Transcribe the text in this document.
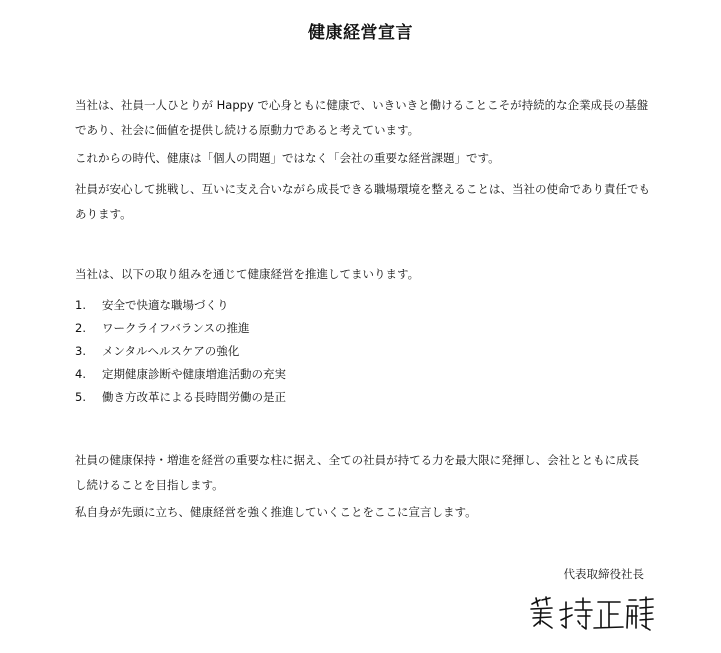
健康経営宣言

当社は、社員一人ひとりが Happy で心身ともに健康で、いきいきと働けることこそが持続的な企業成長の基盤であり、社会に価値を提供し続ける原動力であると考えています。

これからの時代、健康は「個人の問題」ではなく「会社の重要な経営課題」です。

社員が安心して挑戦し、互いに支え合いながら成長できる職場環境を整えることは、当社の使命であり責任でもあります。

当社は、以下の取り組みを通じて健康経営を推進してまいります。

1. 安全で快適な職場づくり
2. ワークライフバランスの推進
3. メンタルヘルスケアの強化
4. 定期健康診断や健康増進活動の充実
5. 働き方改革による長時間労働の是正

社員の健康保持・増進を経営の重要な柱に据え、全ての社員が持てる力を最大限に発揮し、会社とともに成長し続けることを目指します。

私自身が先頭に立ち、健康経営を強く推進していくことをここに宣言します。

代表取締役社長
